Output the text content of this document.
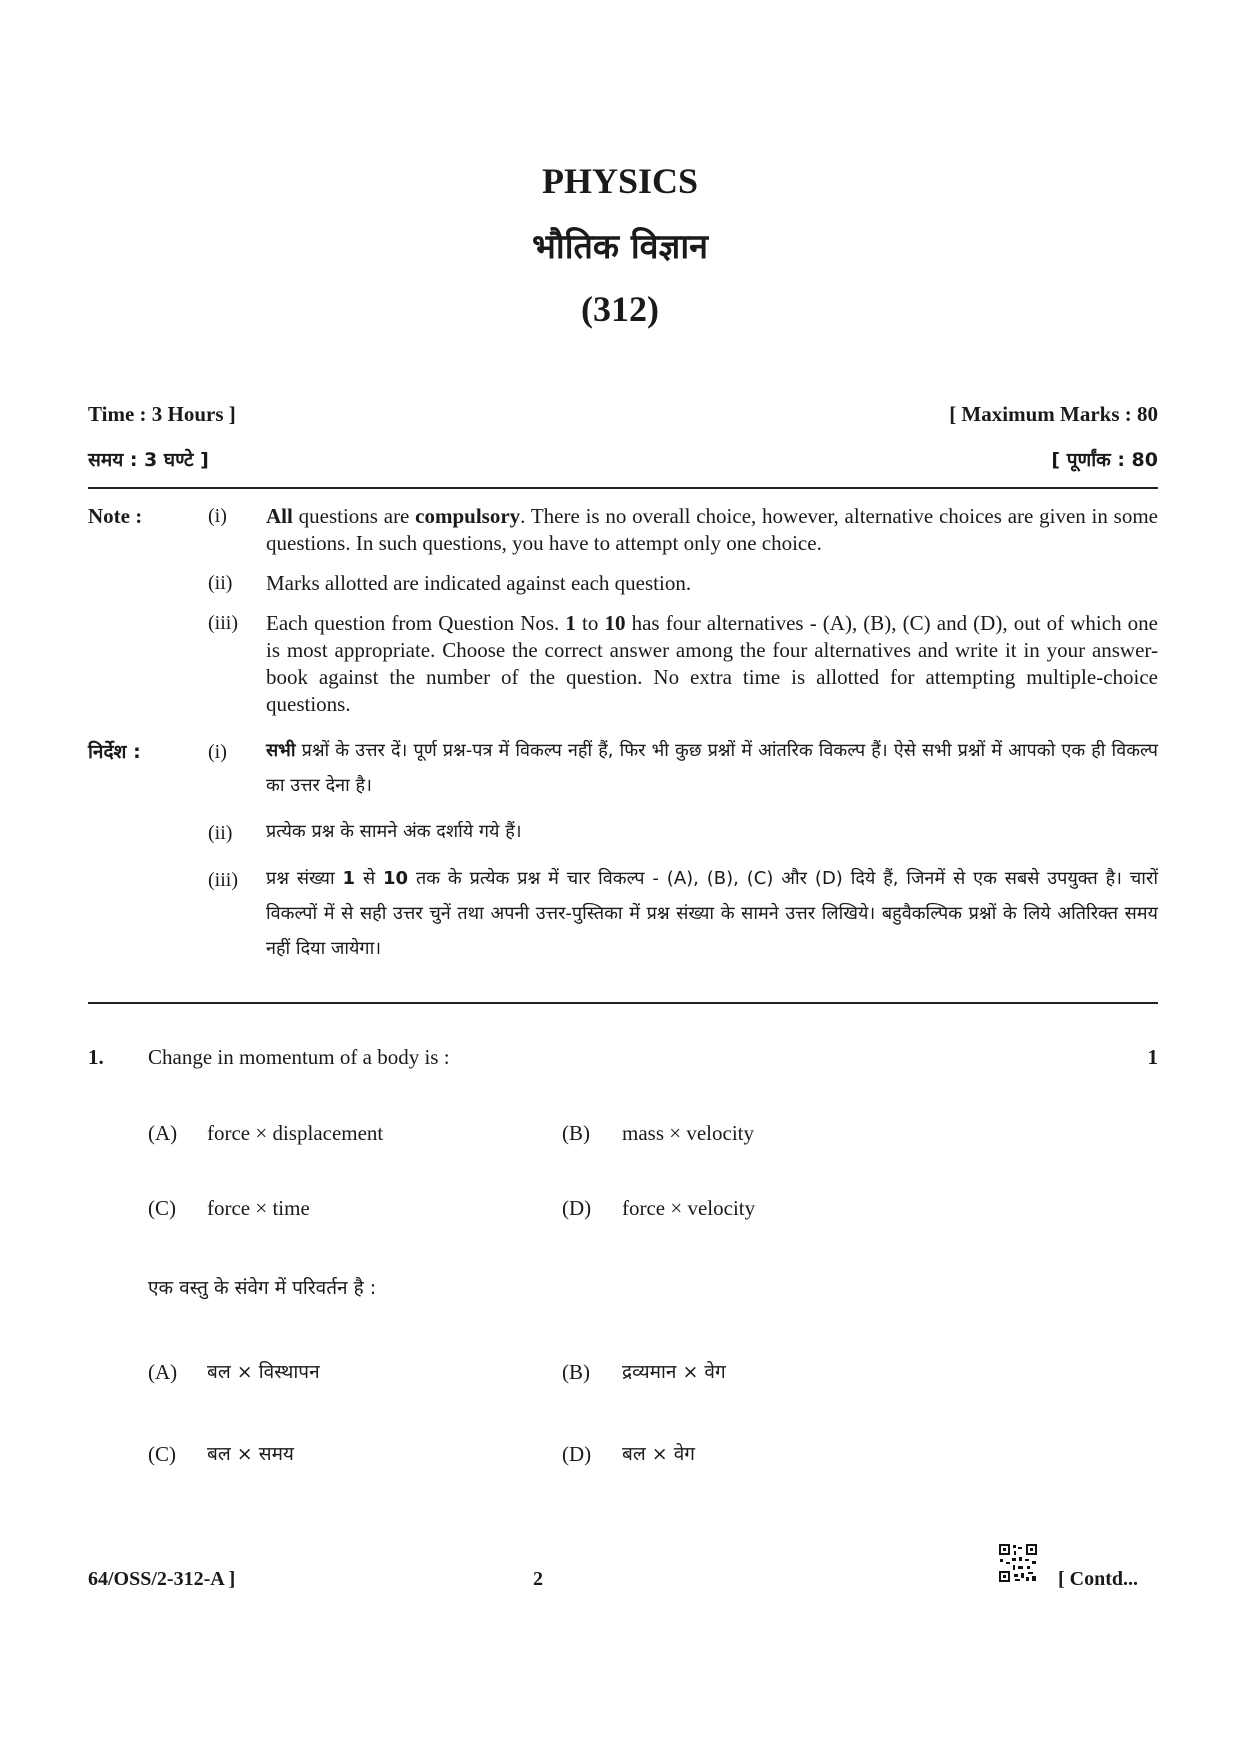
PHYSICS
भौतिक विज्ञान
(312)
Time : 3 Hours ]	[ Maximum Marks : 80
समय : 3 घण्टे ]	[ पूर्णांक : 80
Note :	(i) All questions are compulsory. There is no overall choice, however, alternative choices are given in some questions. In such questions, you have to attempt only one choice.
(ii) Marks allotted are indicated against each question.
(iii) Each question from Question Nos. 1 to 10 has four alternatives - (A), (B), (C) and (D), out of which one is most appropriate. Choose the correct answer among the four alternatives and write it in your answer-book against the number of the question. No extra time is allotted for attempting multiple-choice questions.
निर्देश :	(i) सभी प्रश्नों के उत्तर दें। पूर्ण प्रश्न-पत्र में विकल्प नहीं हैं, फिर भी कुछ प्रश्नों में आंतरिक विकल्प हैं। ऐसे सभी प्रश्नों में आपको एक ही विकल्प का उत्तर देना है।
(ii) प्रत्येक प्रश्न के सामने अंक दर्शाये गये हैं।
(iii) प्रश्न संख्या 1 से 10 तक के प्रत्येक प्रश्न में चार विकल्प - (A), (B), (C) और (D) दिये हैं, जिनमें से एक सबसे उपयुक्त है। चारों विकल्पों में से सही उत्तर चुनें तथा अपनी उत्तर-पुस्तिका में प्रश्न संख्या के सामने उत्तर लिखिये। बहुवैकल्पिक प्रश्नों के लिये अतिरिक्त समय नहीं दिया जायेगा।
1. Change in momentum of a body is :	1
(A) force × displacement	(B) mass × velocity
(C) force × time	(D) force × velocity
एक वस्तु के संवेग में परिवर्तन है :
(A) बल × विस्थापन	(B) द्रव्यमान × वेग
(C) बल × समय	(D) बल × वेग
64/OSS/2-312-A ]	2	[ Contd...
